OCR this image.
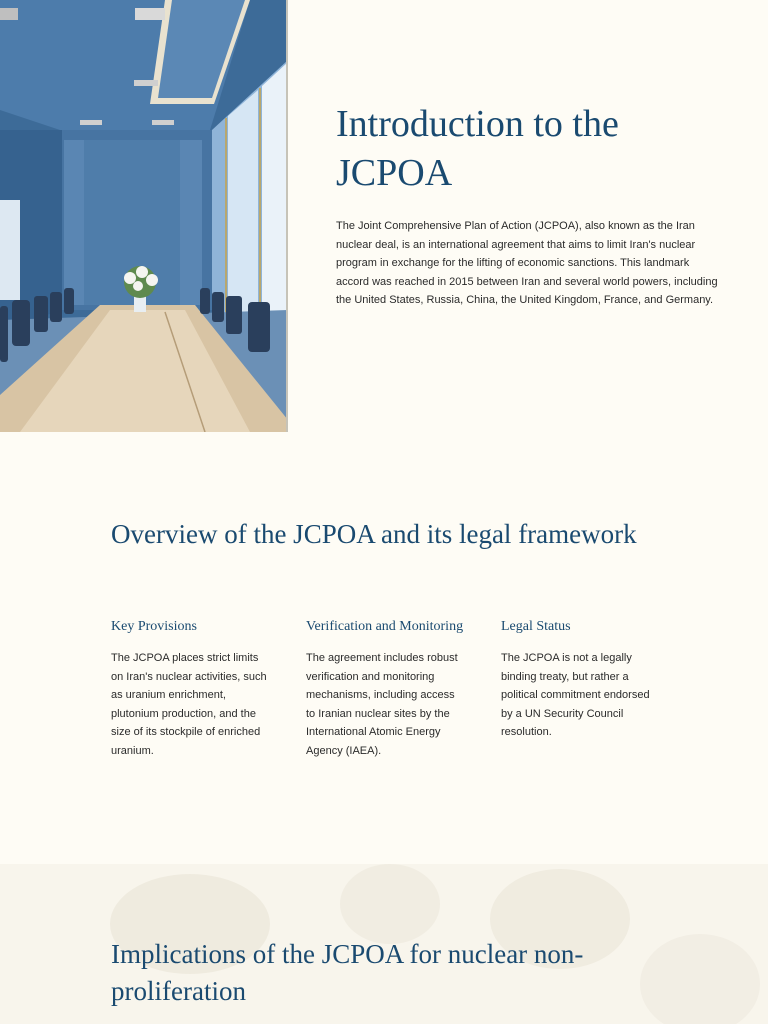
Introduction to the JCPOA

The Joint Comprehensive Plan of Action (JCPOA), also known as the Iran nuclear deal, is an international agreement that aims to limit Iran's nuclear program in exchange for the lifting of economic sanctions. This landmark accord was reached in 2015 between Iran and several world powers, including the United States, Russia, China, the United Kingdom, France, and Germany.

Overview of the JCPOA and its legal framework
Key Provisions

The JCPOA places strict limits on Iran's nuclear activities, such as uranium enrichment, plutonium production, and the size of its stockpile of enriched uranium.

Verification and Monitoring

The agreement includes robust verification and monitoring mechanisms, including access to Iranian nuclear sites by the International Atomic Energy Agency (IAEA).

Legal Status

The JCPOA is not a legally binding treaty, but rather a political commitment endorsed by a UN Security Council resolution.

Implications of the JCPOA for nuclear non-proliferation
